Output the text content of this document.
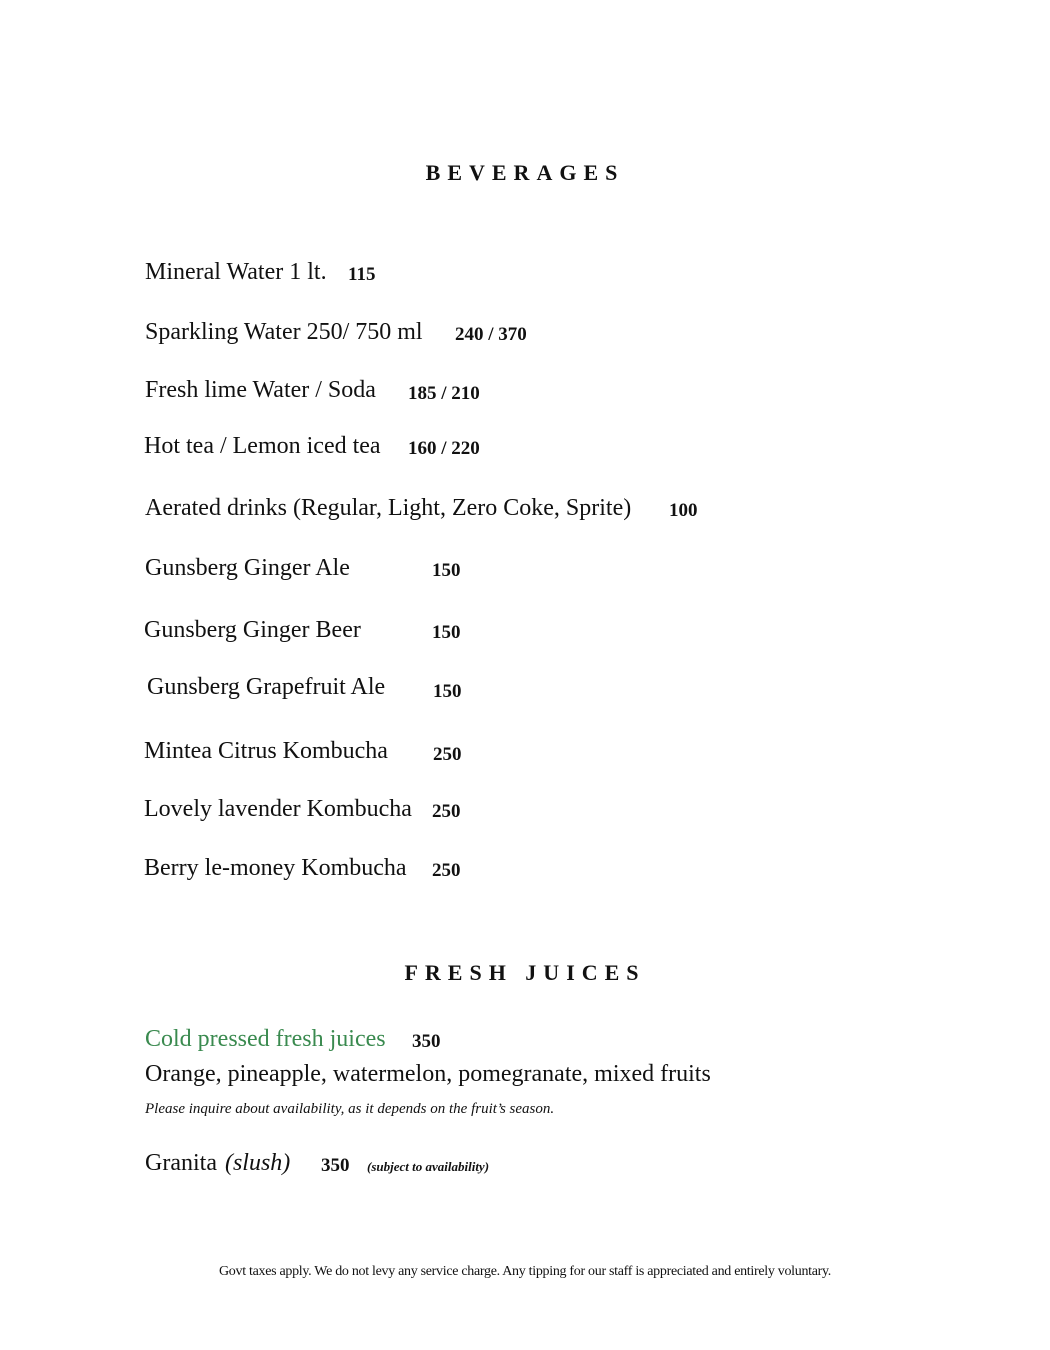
BEVERAGES
Mineral Water 1 lt. 115
Sparkling Water 250/ 750 ml 240 / 370
Fresh lime Water / Soda 185 / 210
Hot tea / Lemon iced tea 160 / 220
Aerated drinks (Regular, Light, Zero Coke, Sprite) 100
Gunsberg Ginger Ale	150
Gunsberg Ginger Beer	150
Gunsberg Grapefruit Ale	150
Mintea Citrus Kombucha 250
Lovely lavender Kombucha 250
Berry le-money Kombucha 250
FRESH JUICES
Cold pressed fresh juices 350
Orange, pineapple, watermelon, pomegranate, mixed fruits
Please inquire about availability, as it depends on the fruit’s season.
Granita (slush) 350 (subject to availability)
Govt taxes apply. We do not levy any service charge. Any tipping for our staff is appreciated and entirely voluntary.
